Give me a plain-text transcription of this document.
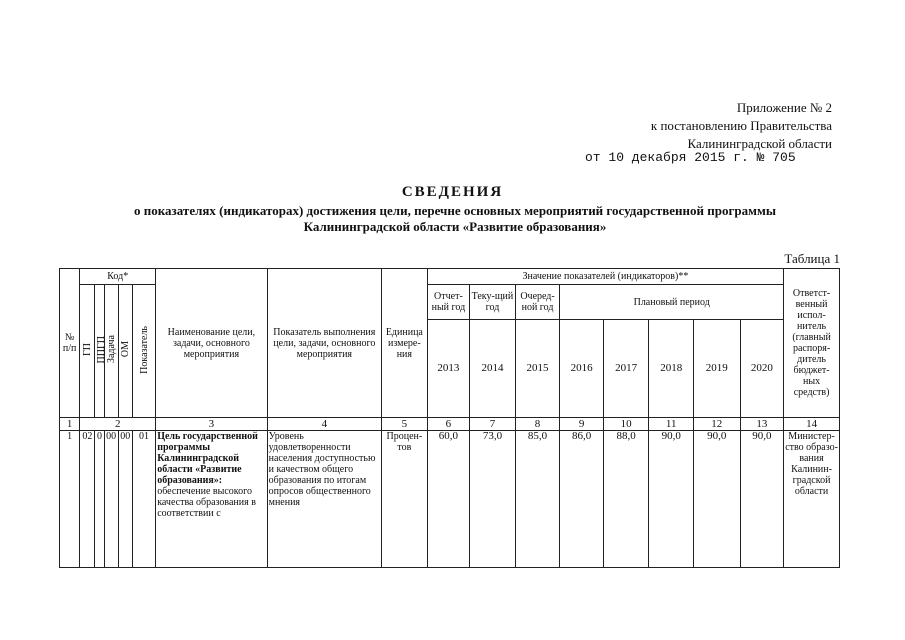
Приложение № 2
к постановлению Правительства
Калининградской области
от 10 декабря 2015 г. № 705
СВЕДЕНИЯ
о показателях (индикаторах) достижения цели, перечне основных мероприятий государственной программы
Калининградской области «Развитие образования»
Таблица 1
№ п/п	Код*					Наименование цели, задачи, основного мероприятия	Показатель выполнения цели, задачи, основного мероприятия	Единица измере-ния	Значение показателей (индикаторов)**								Ответст-венный испол-нитель (главный распоря-дитель бюджет-ных средств)
	ГП	ППГП	Задача	ОМ	Показатель				Отчет-ный год	Теку-щий год	Очеред-ной год	Плановый период					
									2013	2014	2015	2016	2017	2018	2019	2020	
1	2					3	4	5	6	7	8	9	10	11	12	13	14
1	02	0	00	00	01	Цель государственной программы Калининградской области «Развитие образования»: обеспечение высокого качества образования в соответствии с	Уровень удовлетворенности населения доступностью и качеством общего образования по итогам опросов общественного мнения	Процен-тов	60,0	73,0	85,0	86,0	88,0	90,0	90,0	90,0	Министер-ство образо-вания Калинин-градской области
